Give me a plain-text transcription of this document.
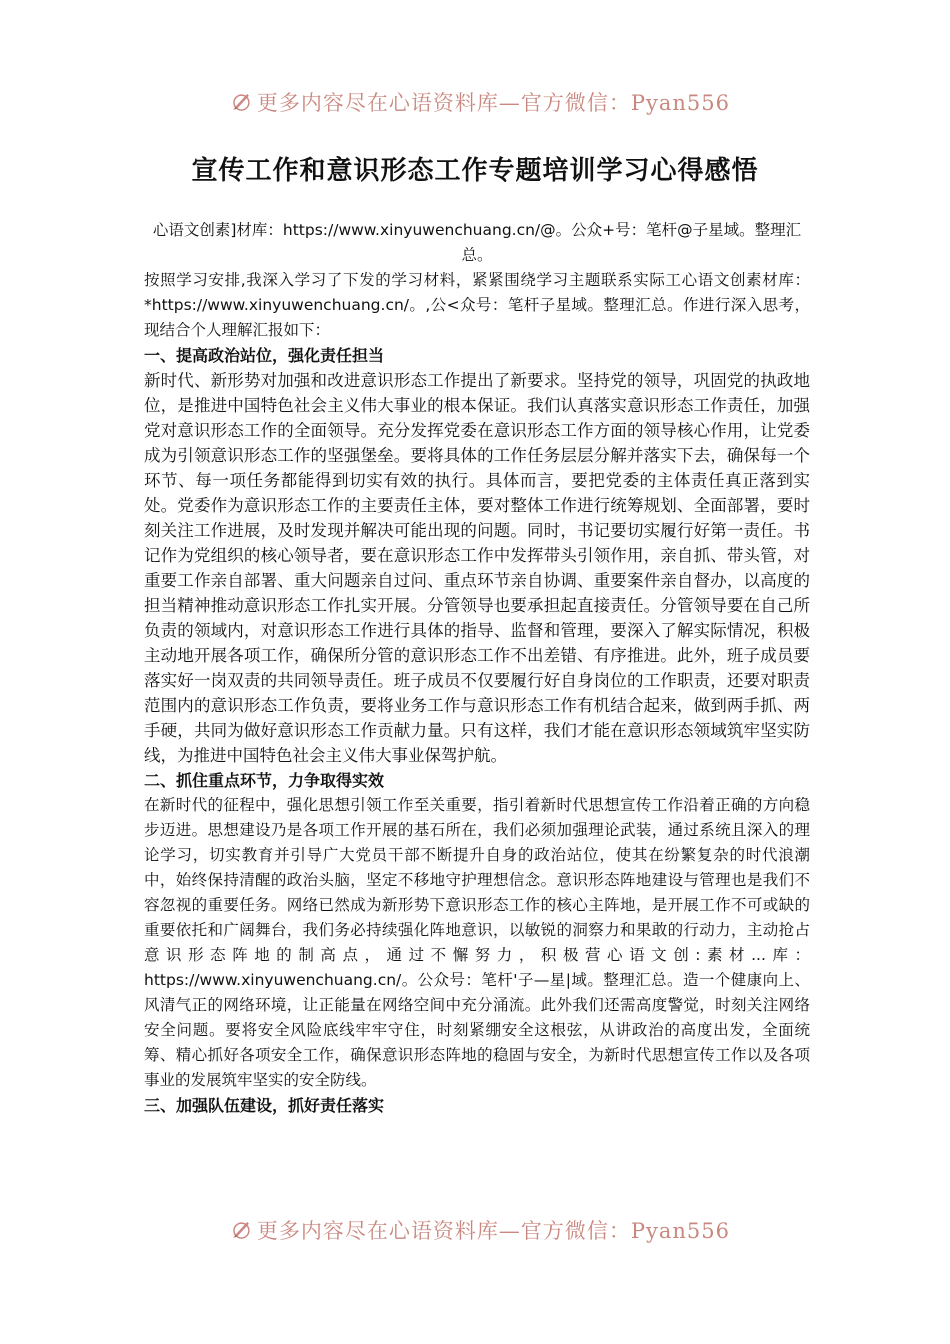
更多内容尽在心语资料库—官方微信：Pyan556
宣传工作和意识形态工作专题培训学习心得感悟

心语文创素]材库：https://www.xinyuwenchuang.cn/@。公众+号：笔杆@子星域。整理汇总。

按照学习安排,我深入学习了下发的学习材料，紧紧围绕学习主题联系实际工心语文创素材库：*https://www.xinyuwenchuang.cn/。,公<众号：笔杆子星域。整理汇总。作进行深入思考，现结合个人理解汇报如下：

一、提高政治站位，强化责任担当

新时代、新形势对加强和改进意识形态工作提出了新要求。坚持党的领导，巩固党的执政地位，是推进中国特色社会主义伟大事业的根本保证。我们认真落实意识形态工作责任，加强党对意识形态工作的全面领导。充分发挥党委在意识形态工作方面的领导核心作用，让党委成为引领意识形态工作的坚强堡垒。要将具体的工作任务层层分解并落实下去，确保每一个环节、每一项任务都能得到切实有效的执行。具体而言，要把党委的主体责任真正落到实处。党委作为意识形态工作的主要责任主体，要对整体工作进行统筹规划、全面部署，要时刻关注工作进展，及时发现并解决可能出现的问题。同时，书记要切实履行好第一责任。书记作为党组织的核心领导者，要在意识形态工作中发挥带头引领作用，亲自抓、带头管，对重要工作亲自部署、重大问题亲自过问、重点环节亲自协调、重要案件亲自督办，以高度的担当精神推动意识形态工作扎实开展。分管领导也要承担起直接责任。分管领导要在自己所负责的领域内，对意识形态工作进行具体的指导、监督和管理，要深入了解实际情况，积极主动地开展各项工作，确保所分管的意识形态工作不出差错、有序推进。此外，班子成员要落实好一岗双责的共同领导责任。班子成员不仅要履行好自身岗位的工作职责，还要对职责范围内的意识形态工作负责，要将业务工作与意识形态工作有机结合起来，做到两手抓、两手硬，共同为做好意识形态工作贡献力量。只有这样，我们才能在意识形态领域筑牢坚实防线，为推进中国特色社会主义伟大事业保驾护航。

二、抓住重点环节，力争取得实效

在新时代的征程中，强化思想引领工作至关重要，指引着新时代思想宣传工作沿着正确的方向稳步迈进。思想建设乃是各项工作开展的基石所在，我们必须加强理论武装，通过系统且深入的理论学习，切实教育并引导广大党员干部不断提升自身的政治站位，使其在纷繁复杂的时代浪潮中，始终保持清醒的政治头脑，坚定不移地守护理想信念。意识形态阵地建设与管理也是我们不容忽视的重要任务。网络已然成为新形势下意识形态工作的核心主阵地，是开展工作不可或缺的重要依托和广阔舞台，我们务必持续强化阵地意识，以敏锐的洞察力和果敢的行动力，主动抢占意识形态阵地的制高点，通过不懈努力，积极营心语文创:素材...库：https://www.xinyuwenchuang.cn/。公众号：笔杆'子—星|域。整理汇总。造一个健康向上、风清气正的网络环境，让正能量在网络空间中充分涌流。此外我们还需高度警觉，时刻关注网络安全问题。要将安全风险底线牢牢守住，时刻紧绷安全这根弦，从讲政治的高度出发，全面统筹、精心抓好各项安全工作，确保意识形态阵地的稳固与安全，为新时代思想宣传工作以及各项事业的发展筑牢坚实的安全防线。

三、加强队伍建设，抓好责任落实

更多内容尽在心语资料库—官方微信：Pyan556
